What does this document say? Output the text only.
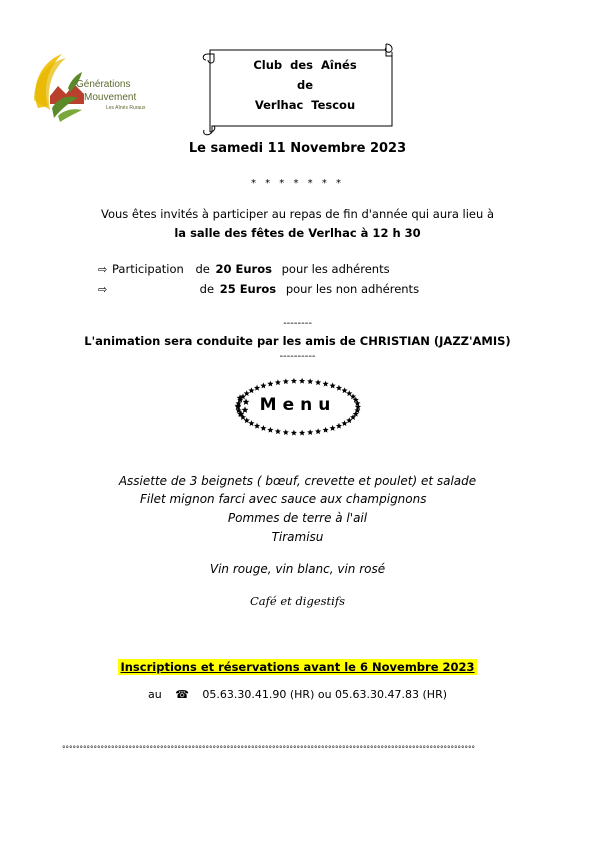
Générations
Mouvement
Les Aînés Ruraux
Club des Aînés
de
Verlhac Tescou
Le samedi 11 Novembre 2023
* * * * * * *
Vous êtes invités à participer au repas de fin d'année qui aura lieu à
la salle des fêtes de Verlhac à 12 h 30
⇨ Participation de 20 Euros pour les adhérents
⇨	de 25 Euros pour les non adhérents
--------
L'animation sera conduite par les amis de CHRISTIAN (JAZZ'AMIS)
----------
Menu
Assiette de 3 beignets ( bœuf, crevette et poulet) et salade
Filet mignon farci avec sauce aux champignons
Pommes de terre à l'ail
Tiramisu
Vin rouge, vin blanc, vin rosé
Café et digestifs
Inscriptions et réservations avant le 6 Novembre 2023
au ☎ 05.63.30.41.90 (HR) ou 05.63.30.47.83 (HR)
°°°°°°°°°°°°°°°°°°°°°°°°°°°°°°°°°°°°°°°°°°°°°°°°°°°°°°°°°°°°°°°°°°°°°°°°°°°°°°°°°°°°°°°°°°°°°°°°°°°°°°°°°°°°°°°°°°°°°°
